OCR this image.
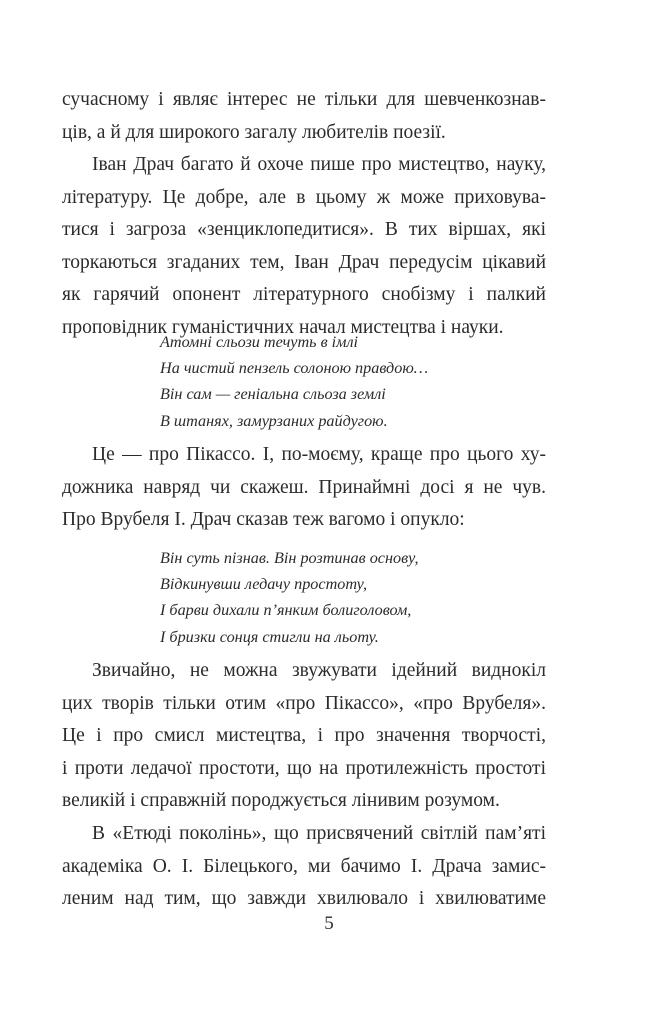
сучасному і являє інтерес не тільки для шевченкознав-
ців, а й для широкого загалу любителів поезії.
Іван Драч багато й охоче пише про мистецтво, науку,
літературу. Це добре, але в цьому ж може приховува-
тися і загроза «зенциклопедитися». В тих віршах, які
торкаються згаданих тем, Іван Драч передусім цікавий
як гарячий опонент літературного снобізму і палкий
проповідник гуманістичних начал мистецтва і науки.
Атомні сльози течуть в імлі
На чистий пензель солоною правдою…
Він сам — геніальна сльоза землі
В штанях, замурзаних райдугою.
Це — про Пікассо. І, по-моєму, краще про цього ху-
дожника навряд чи скажеш. Принаймні досі я не чув.
Про Врубеля І. Драч сказав теж вагомо і опукло:
Він суть пізнав. Він розтинав основу,
Відкинувши ледачу простоту,
І барви дихали п’янким болиголовом,
І бризки сонця стигли на льоту.
Звичайно, не можна звужувати ідейний виднокіл
цих творів тільки отим «про Пікассо», «про Врубеля».
Це і про смисл мистецтва, і про значення творчості,
і проти ледачої простоти, що на протилежність простоті
великій і справжній породжується лінивим розумом.
В «Етюді поколінь», що присвячений світлій пам’яті
академіка О. І. Білецького, ми бачимо І. Драча замис-
леним над тим, що завжди хвилювало і хвилюватиме
5
